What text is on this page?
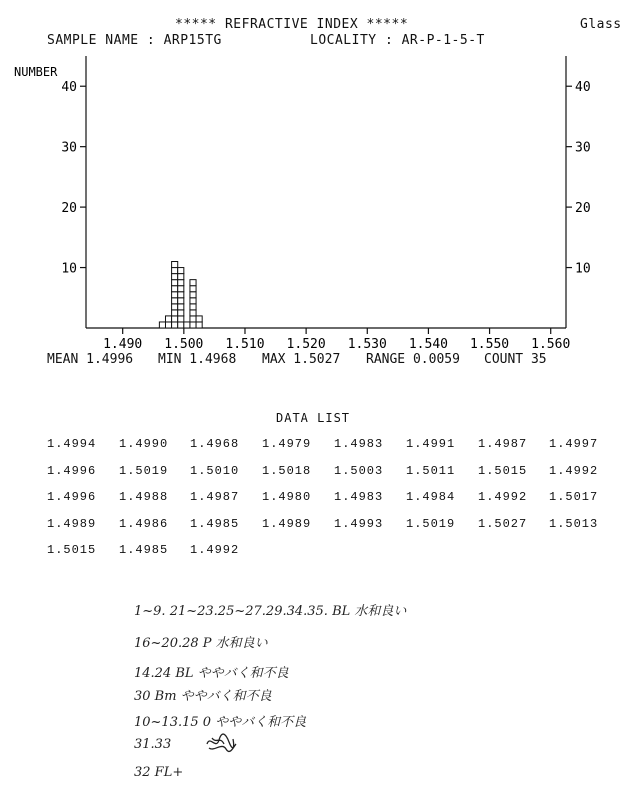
***** REFRACTIVE INDEX *****	Glass
SAMPLE NAME : ARP15TG	LOCALITY : AR-P-1-5-T
NUMBER
10	10
20	20
30	30
40	40
1.490 1.500 1.510 1.520 1.530 1.540 1.550 1.560
MEAN 1.4996 MIN 1.4968 MAX 1.5027 RANGE 0.0059 COUNT 35
DATA LIST
1.4994 1.4990 1.4968 1.4979 1.4983 1.4991 1.4987 1.4997
1.4996 1.5019 1.5010 1.5018 1.5003 1.5011 1.5015 1.4992
1.4996 1.4988 1.4987 1.4980 1.4983 1.4984 1.4992 1.5017
1.4989 1.4986 1.4985 1.4989 1.4993 1.5019 1.5027 1.5013
1.5015 1.4985 1.4992
1~9. 21~23.25~27.29.34.35. BL 水和良い
16~20.28 P 水和良い
14.24 BL ややバく和不良
30 Bm ややバく和不良
10~13.15 0 ややバく和不良
31.33
32 FL+
